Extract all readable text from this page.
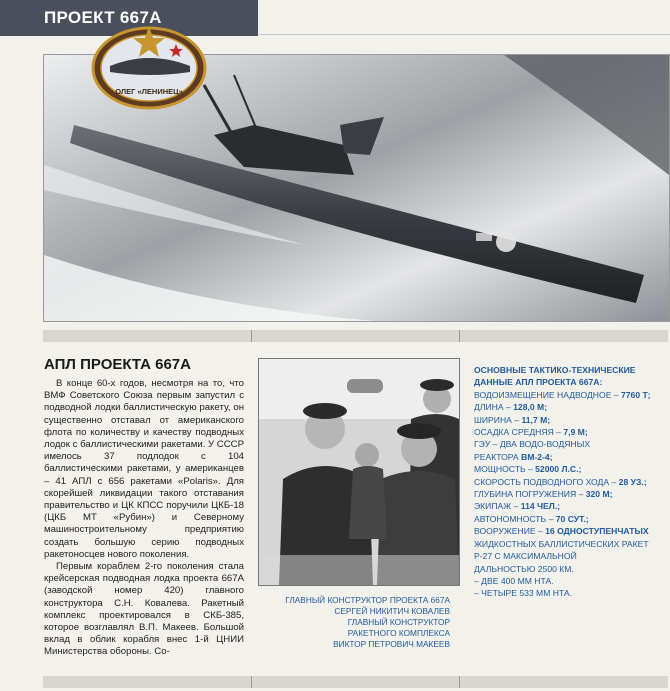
ПРОЕКТ 667А
ОЛЕГ «ЛЕНИНЕЦ»
АПЛ ПРОЕКТА 667А

В конце 60-х годов, несмотря на то, что ВМФ Советского Союза первым запустил с подводной лодки баллистическую ракету, он существенно отставал от американского флота по количеству и качеству подводных лодок с баллистическими ракетами. У СССР имелось 37 подлодок с 104 баллистическими ракетами, у американцев – 41 АПЛ с 656 ракетами «Polaris». Для скорейшей ликвидации такого отставания правительство и ЦК КПСС поручили ЦКБ-18 (ЦКБ МТ «Рубин») и Северному машиностроительному предприятию создать большую серию подводных ракетоносцев нового поколения.

Первым кораблем 2-го поколения стала крейсерская подводная лодка проекта 667А (заводской номер 420) главного конструктора С.Н. Ковалева. Ракетный комплекс проектировался в СКБ-385, которое возглавлял В.П. Макеев. Большой вклад в облик корабля внес 1-й ЦНИИ Министерства обороны. Со-

ГЛАВНЫЙ КОНСТРУКТОР ПРОЕКТА 667А
СЕРГЕЙ НИКИТИЧ КОВАЛЕВ
ГЛАВНЫЙ КОНСТРУКТОР
РАКЕТНОГО КОМПЛЕКСА
ВИКТОР ПЕТРОВИЧ МАКЕЕВ
ОСНОВНЫЕ ТАКТИКО-ТЕХНИЧЕСКИЕ
ДАННЫЕ АПЛ ПРОЕКТА 667А:
ВОДОИЗМЕЩЕНИЕ НАДВОДНОЕ – 7760 Т;
ДЛИНА – 128,0 М;
ШИРИНА – 11,7 М;
ОСАДКА СРЕДНЯЯ – 7,9 М;
ГЭУ – ДВА ВОДО-ВОДЯНЫХ
РЕАКТОРА ВМ-2-4;
МОЩНОСТЬ – 52000 Л.С.;
СКОРОСТЬ ПОДВОДНОГО ХОДА – 28 УЗ.;
ГЛУБИНА ПОГРУЖЕНИЯ – 320 М;
ЭКИПАЖ – 114 ЧЕЛ.;
АВТОНОМНОСТЬ – 70 СУТ.;
ВООРУЖЕНИЕ – 16 ОДНОСТУПЕНЧАТЫХ
ЖИДКОСТНЫХ БАЛЛИСТИЧЕСКИХ РАКЕТ
Р-27 С МАКСИМАЛЬНОЙ
ДАЛЬНОСТЬЮ 2500 КМ.
– ДВЕ 400 ММ НТА.
– ЧЕТЫРЕ 533 ММ НТА.
